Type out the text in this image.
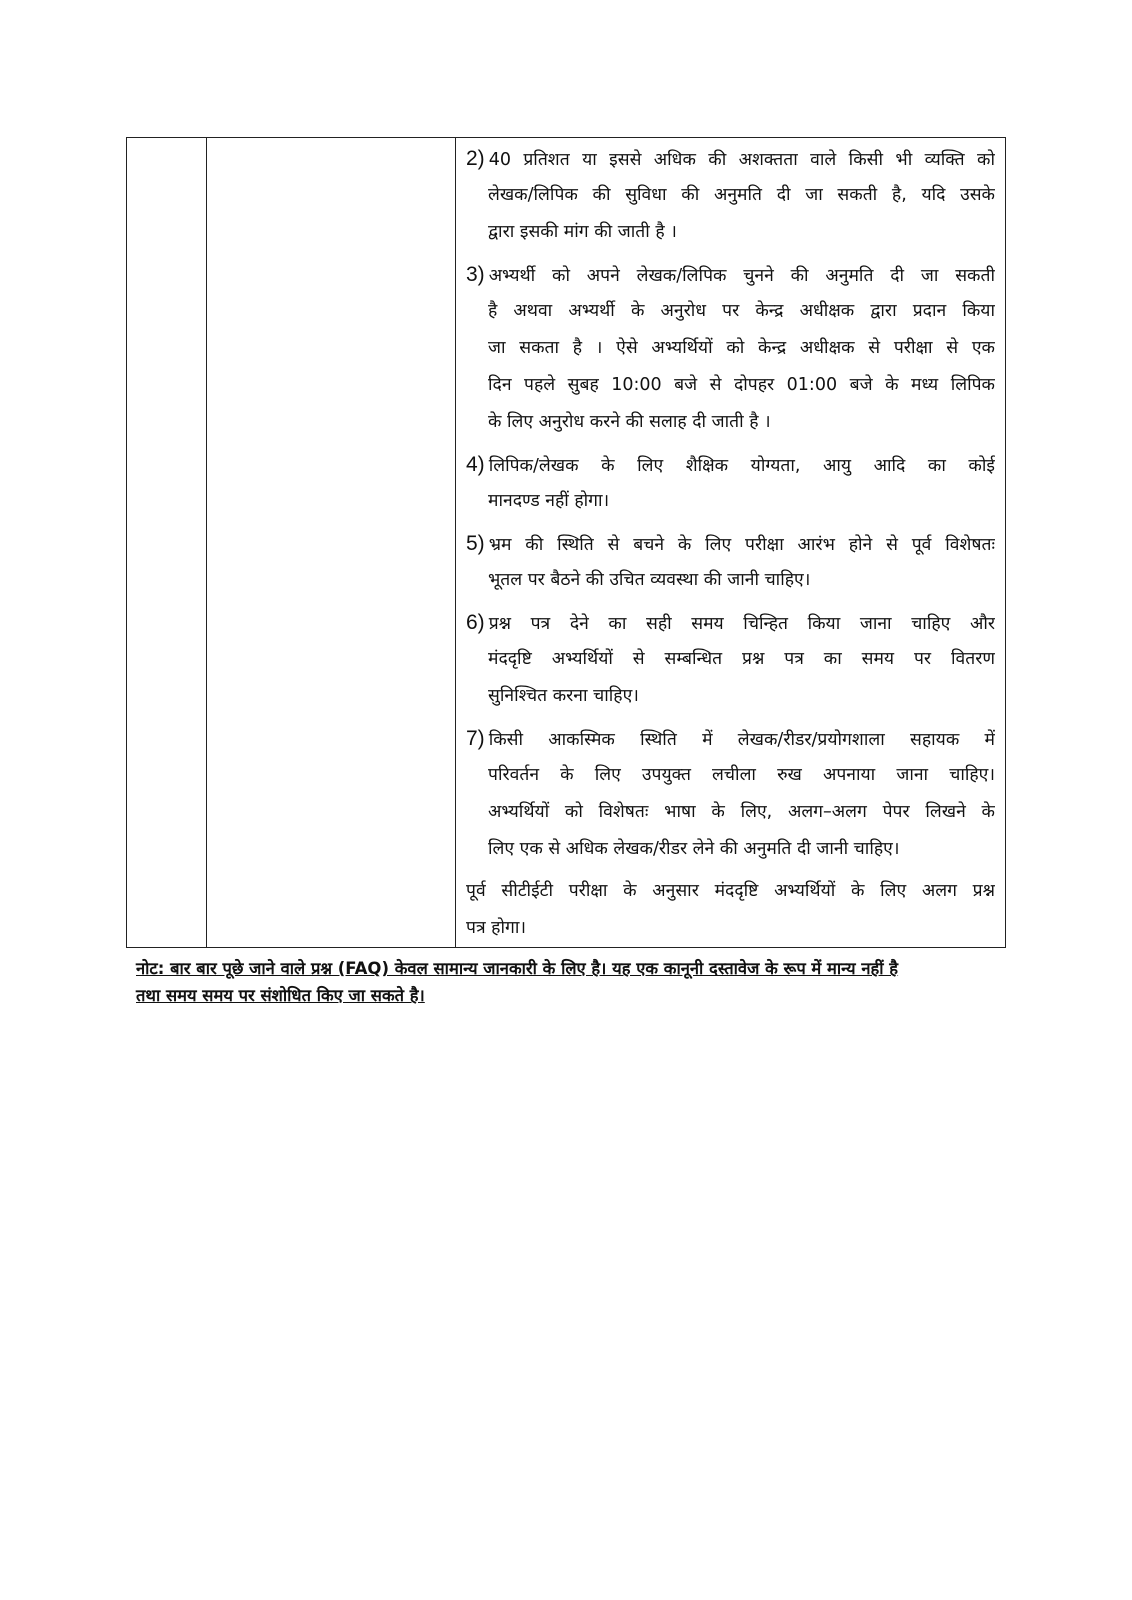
2) 40 प्रतिशत या इससे अधिक की अशक्तता वाले किसी भी व्यक्ति को
लेखक/लिपिक की सुविधा की अनुमति दी जा सकती है, यदि उसके
द्वारा इसकी मांग की जाती है ।
3) अभ्यर्थी को अपने लेखक/लिपिक चुनने की अनुमति दी जा सकती
है अथवा अभ्यर्थी के अनुरोध पर केन्द्र अधीक्षक द्वारा प्रदान किया
जा सकता है । ऐसे अभ्यर्थियों को केन्द्र अधीक्षक से परीक्षा से एक
दिन पहले सुबह 10:00 बजे से दोपहर 01:00 बजे के मध्य लिपिक
के लिए अनुरोध करने की सलाह दी जाती है ।
4) लिपिक/लेखक के लिए शैक्षिक योग्यता, आयु आदि का कोई
मानदण्ड नहीं होगा।
5) भ्रम की स्थिति से बचने के लिए परीक्षा आरंभ होने से पूर्व विशेषतः
भूतल पर बैठने की उचित व्यवस्था की जानी चाहिए।
6) प्रश्न पत्र देने का सही समय चिन्हित किया जाना चाहिए और
मंददृष्टि अभ्यर्थियों से सम्बन्धित प्रश्न पत्र का समय पर वितरण
सुनिश्चित करना चाहिए।
7) किसी आकस्मिक स्थिति में लेखक/रीडर/प्रयोगशाला सहायक में
परिवर्तन के लिए उपयुक्त लचीला रुख अपनाया जाना चाहिए।
अभ्यर्थियों को विशेषतः भाषा के लिए, अलग–अलग पेपर लिखने के
लिए एक से अधिक लेखक/रीडर लेने की अनुमति दी जानी चाहिए।
पूर्व सीटीईटी परीक्षा के अनुसार मंददृष्टि अभ्यर्थियों के लिए अलग प्रश्न
पत्र होगा।
नोट: बार बार पूछे जाने वाले प्रश्न (FAQ) केवल सामान्य जानकारी के लिए है। यह एक कानूनी दस्तावेज के रूप में मान्य नहीं है
तथा समय समय पर संशोधित किए जा सकते है।
